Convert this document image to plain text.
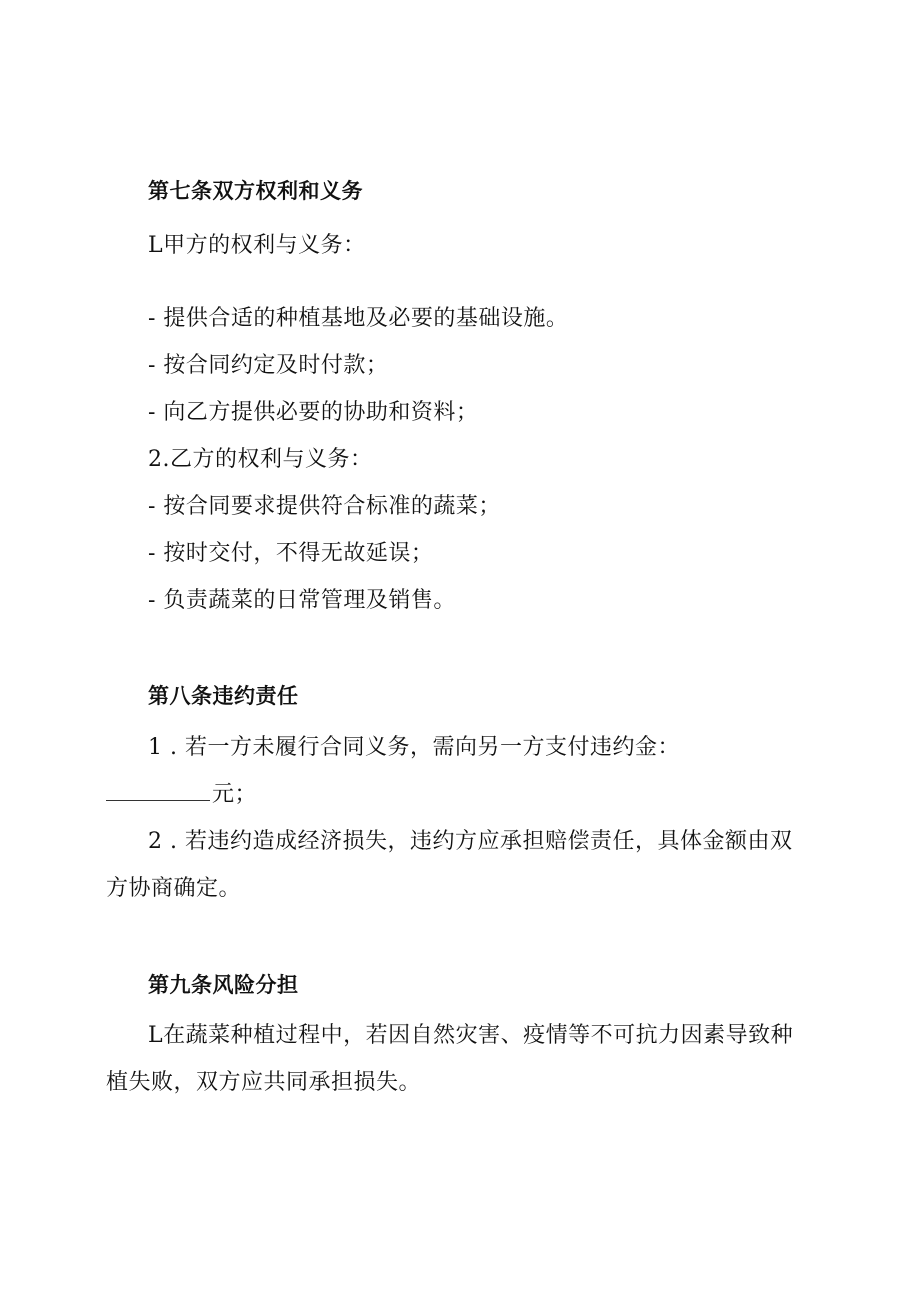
第七条双方权利和义务
L甲方的权利与义务：
- 提供合适的种植基地及必要的基础设施。
- 按合同约定及时付款；
- 向乙方提供必要的协助和资料；
2.乙方的权利与义务：
- 按合同要求提供符合标准的蔬菜；
- 按时交付，不得无故延误；
- 负责蔬菜的日常管理及销售。
第八条违约责任
1 . 若一方未履行合同义务，需向另一方支付违约金：
元；
2 . 若违约造成经济损失，违约方应承担赔偿责任，具体金额由双
方协商确定。
第九条风险分担
L在蔬菜种植过程中，若因自然灾害、疫情等不可抗力因素导致种
植失败，双方应共同承担损失。
